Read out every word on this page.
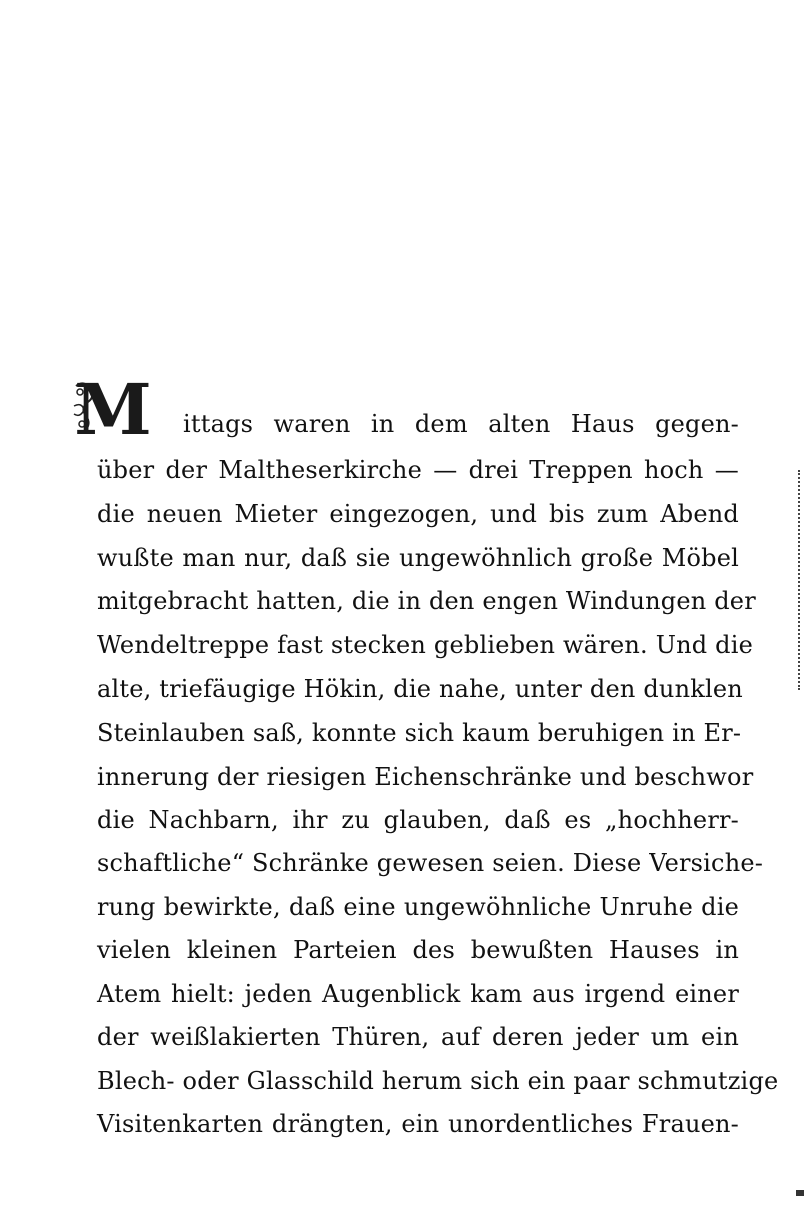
M ittags waren in dem alten Haus gegen-
über der Maltheserkirche — drei Treppen hoch —
die neuen Mieter eingezogen, und bis zum Abend
wußte man nur, daß sie ungewöhnlich große Möbel
mitgebracht hatten, die in den engen Windungen der
Wendeltreppe fast stecken geblieben wären. Und die
alte, triefäugige Hökin, die nahe, unter den dunklen
Steinlauben saß, konnte sich kaum beruhigen in Er-
innerung der riesigen Eichenschränke und beschwor
die Nachbarn, ihr zu glauben, daß es „hochherr-
schaftliche“ Schränke gewesen seien. Diese Versiche-
rung bewirkte, daß eine ungewöhnliche Unruhe die
vielen kleinen Parteien des bewußten Hauses in
Atem hielt: jeden Augenblick kam aus irgend einer
der weißlakierten Thüren, auf deren jeder um ein
Blech- oder Glasschild herum sich ein paar schmutzige
Visitenkarten drängten, ein unordentliches Frauen-
